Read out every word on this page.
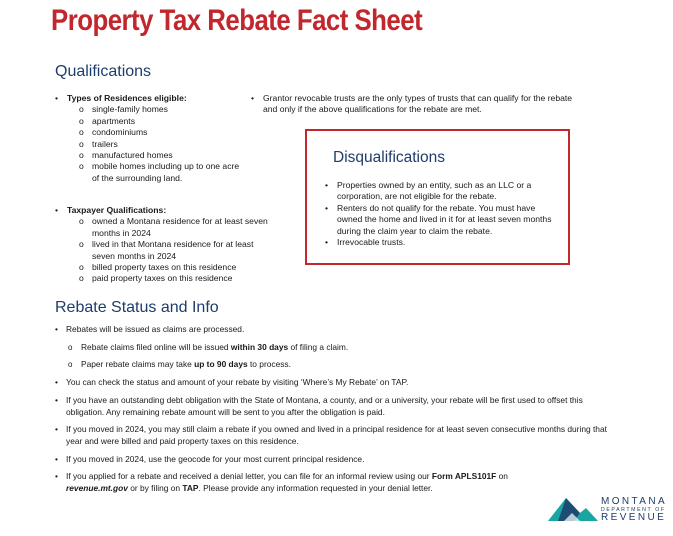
Property Tax Rebate Fact Sheet
Qualifications
• Types of Residences eligible:
o single-family homes
o apartments
o condominiums
o trailers
o manufactured homes
o mobile homes including up to one acre of the surrounding land.
• Taxpayer Qualifications:
o owned a Montana residence for at least seven months in 2024
o lived in that Montana residence for at least seven months in 2024
o billed property taxes on this residence
o paid property taxes on this residence
• Grantor revocable trusts are the only types of trusts that can qualify for the rebate and only if the above qualifications for the rebate are met.
Disqualifications
• Properties owned by an entity, such as an LLC or a corporation, are not eligible for the rebate.
• Renters do not qualify for the rebate. You must have owned the home and lived in it for at least seven months during the claim year to claim the rebate.
• Irrevocable trusts.
Rebate Status and Info
• Rebates will be issued as claims are processed.
o Rebate claims filed online will be issued within 30 days of filing a claim.
o Paper rebate claims may take up to 90 days to process.
• You can check the status and amount of your rebate by visiting ‘Where’s My Rebate’ on TAP.
• If you have an outstanding debt obligation with the State of Montana, a county, and or a university, your rebate will be first used to offset this obligation. Any remaining rebate amount will be sent to you after the obligation is paid.
• If you moved in 2024, you may still claim a rebate if you owned and lived in a principal residence for at least seven consecutive months during that year and were billed and paid property taxes on this residence.
• If you moved in 2024, use the geocode for your most current principal residence.
• If you applied for a rebate and received a denial letter, you can file for an informal review using our Form APLS101F on revenue.mt.gov or by filing on TAP. Please provide any information requested in your denial letter.
MONTANA
DEPARTMENT OF
REVENUE
